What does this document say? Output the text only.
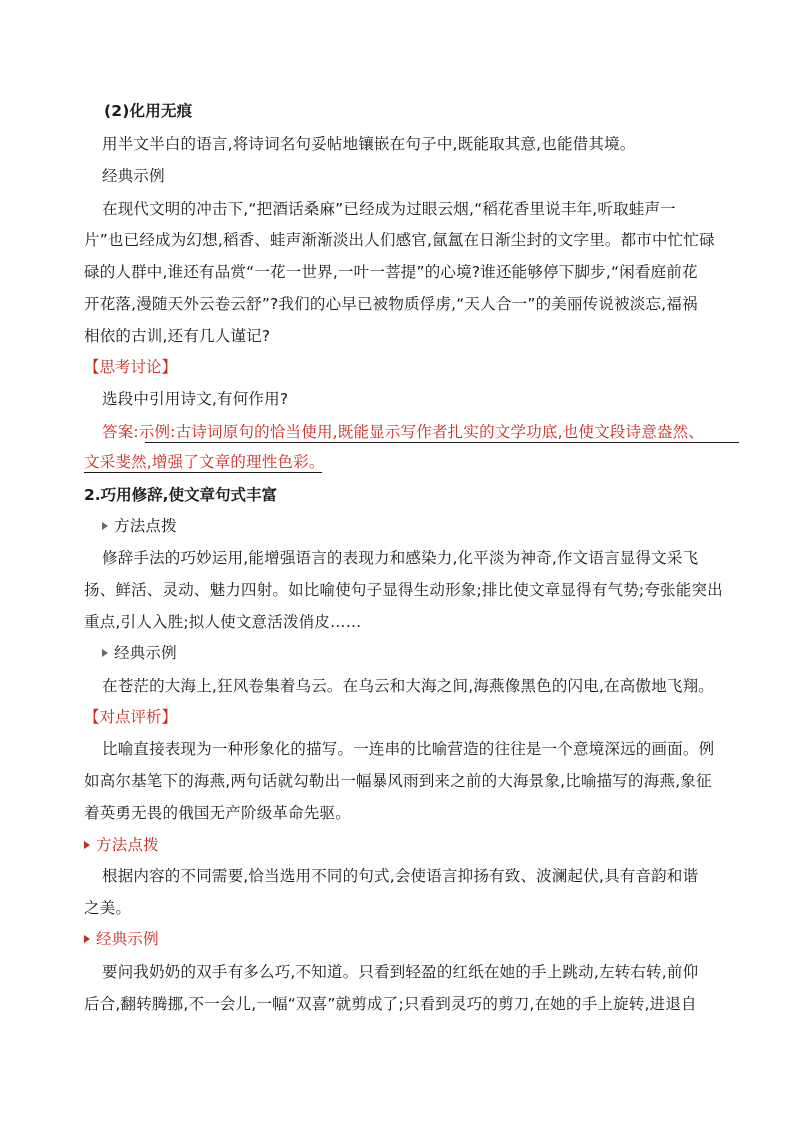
(2)化用无痕
用半文半白的语言,将诗词名句妥帖地镶嵌在句子中,既能取其意,也能借其境。
经典示例
在现代文明的冲击下,“把酒话桑麻”已经成为过眼云烟,“稻花香里说丰年,听取蛙声一
片”也已经成为幻想,稻香、蛙声渐渐淡出人们感官,氤氲在日渐尘封的文字里。都市中忙忙碌
碌的人群中,谁还有品赏“一花一世界,一叶一菩提”的心境?谁还能够停下脚步,“闲看庭前花
开花落,漫随天外云卷云舒”?我们的心早已被物质俘虏,“天人合一”的美丽传说被淡忘,福祸
相依的古训,还有几人谨记?
【思考讨论】
选段中引用诗文,有何作用?
答案:示例:古诗词原句的恰当使用,既能显示写作者扎实的文学功底,也使文段诗意盎然、
文采斐然,增强了文章的理性色彩。
2.巧用修辞,使文章句式丰富
方法点拨
修辞手法的巧妙运用,能增强语言的表现力和感染力,化平淡为神奇,作文语言显得文采飞
扬、鲜活、灵动、魅力四射。如比喻使句子显得生动形象;排比使文章显得有气势;夸张能突出
重点,引人入胜;拟人使文意活泼俏皮……
经典示例
在苍茫的大海上,狂风卷集着乌云。在乌云和大海之间,海燕像黑色的闪电,在高傲地飞翔。
【对点评析】
比喻直接表现为一种形象化的描写。一连串的比喻营造的往往是一个意境深远的画面。例
如高尔基笔下的海燕,两句话就勾勒出一幅暴风雨到来之前的大海景象,比喻描写的海燕,象征
着英勇无畏的俄国无产阶级革命先驱。
方法点拨
根据内容的不同需要,恰当选用不同的句式,会使语言抑扬有致、波澜起伏,具有音韵和谐
之美。
经典示例
要问我奶奶的双手有多么巧,不知道。只看到轻盈的红纸在她的手上跳动,左转右转,前仰
后合,翻转腾挪,不一会儿,一幅“双喜”就剪成了;只看到灵巧的剪刀,在她的手上旋转,进退自
